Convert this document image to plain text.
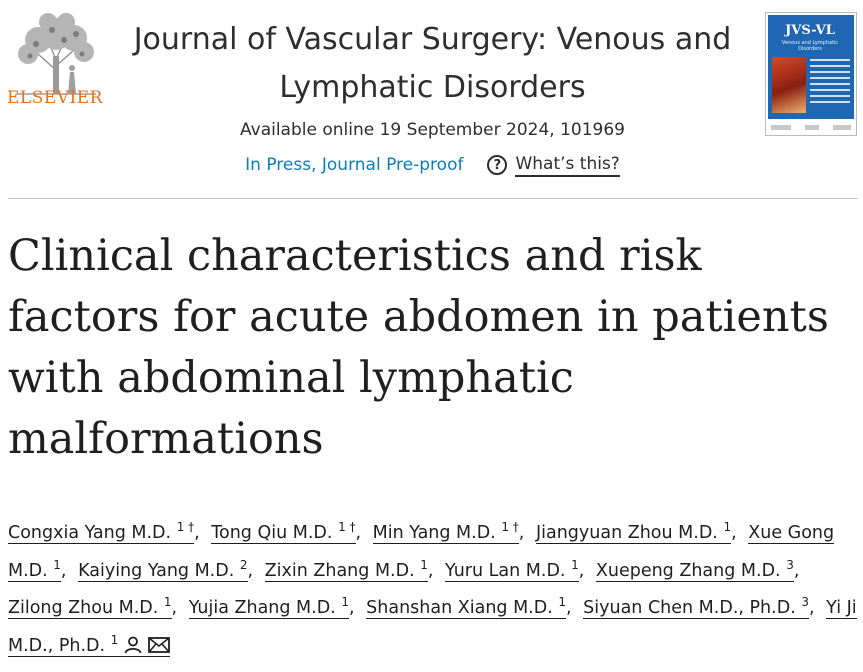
ELSEVIER
Journal of Vascular Surgery: Venous and
Lymphatic Disorders
Available online 19 September 2024, 101969
In Press, Journal Pre-proof	? What’s this?
JVS-VL
Venous and Lymphatic Disorders
Clinical characteristics and risk factors for acute abdomen in patients with abdominal lymphatic malformations
Congxia Yang M.D. $^{1 \dagger}$, Tong Qiu M.D. $^{1 \dagger}$, Min Yang M.D. $^{1 \dagger}$, Jiangyuan Zhou M.D. $^1$, Xue Gong M.D. $^1$, Kaiying Yang M.D. $^2$, Zixin Zhang M.D. $^1$, Yuru Lan M.D. $^1$, Xuepeng Zhang M.D. $^3$, Zilong Zhou M.D. $^1$, Yujia Zhang M.D. $^1$, Shanshan Xiang M.D. $^1$, Siyuan Chen M.D., Ph.D. $^3$, Yi Ji M.D., Ph.D. $^1$
